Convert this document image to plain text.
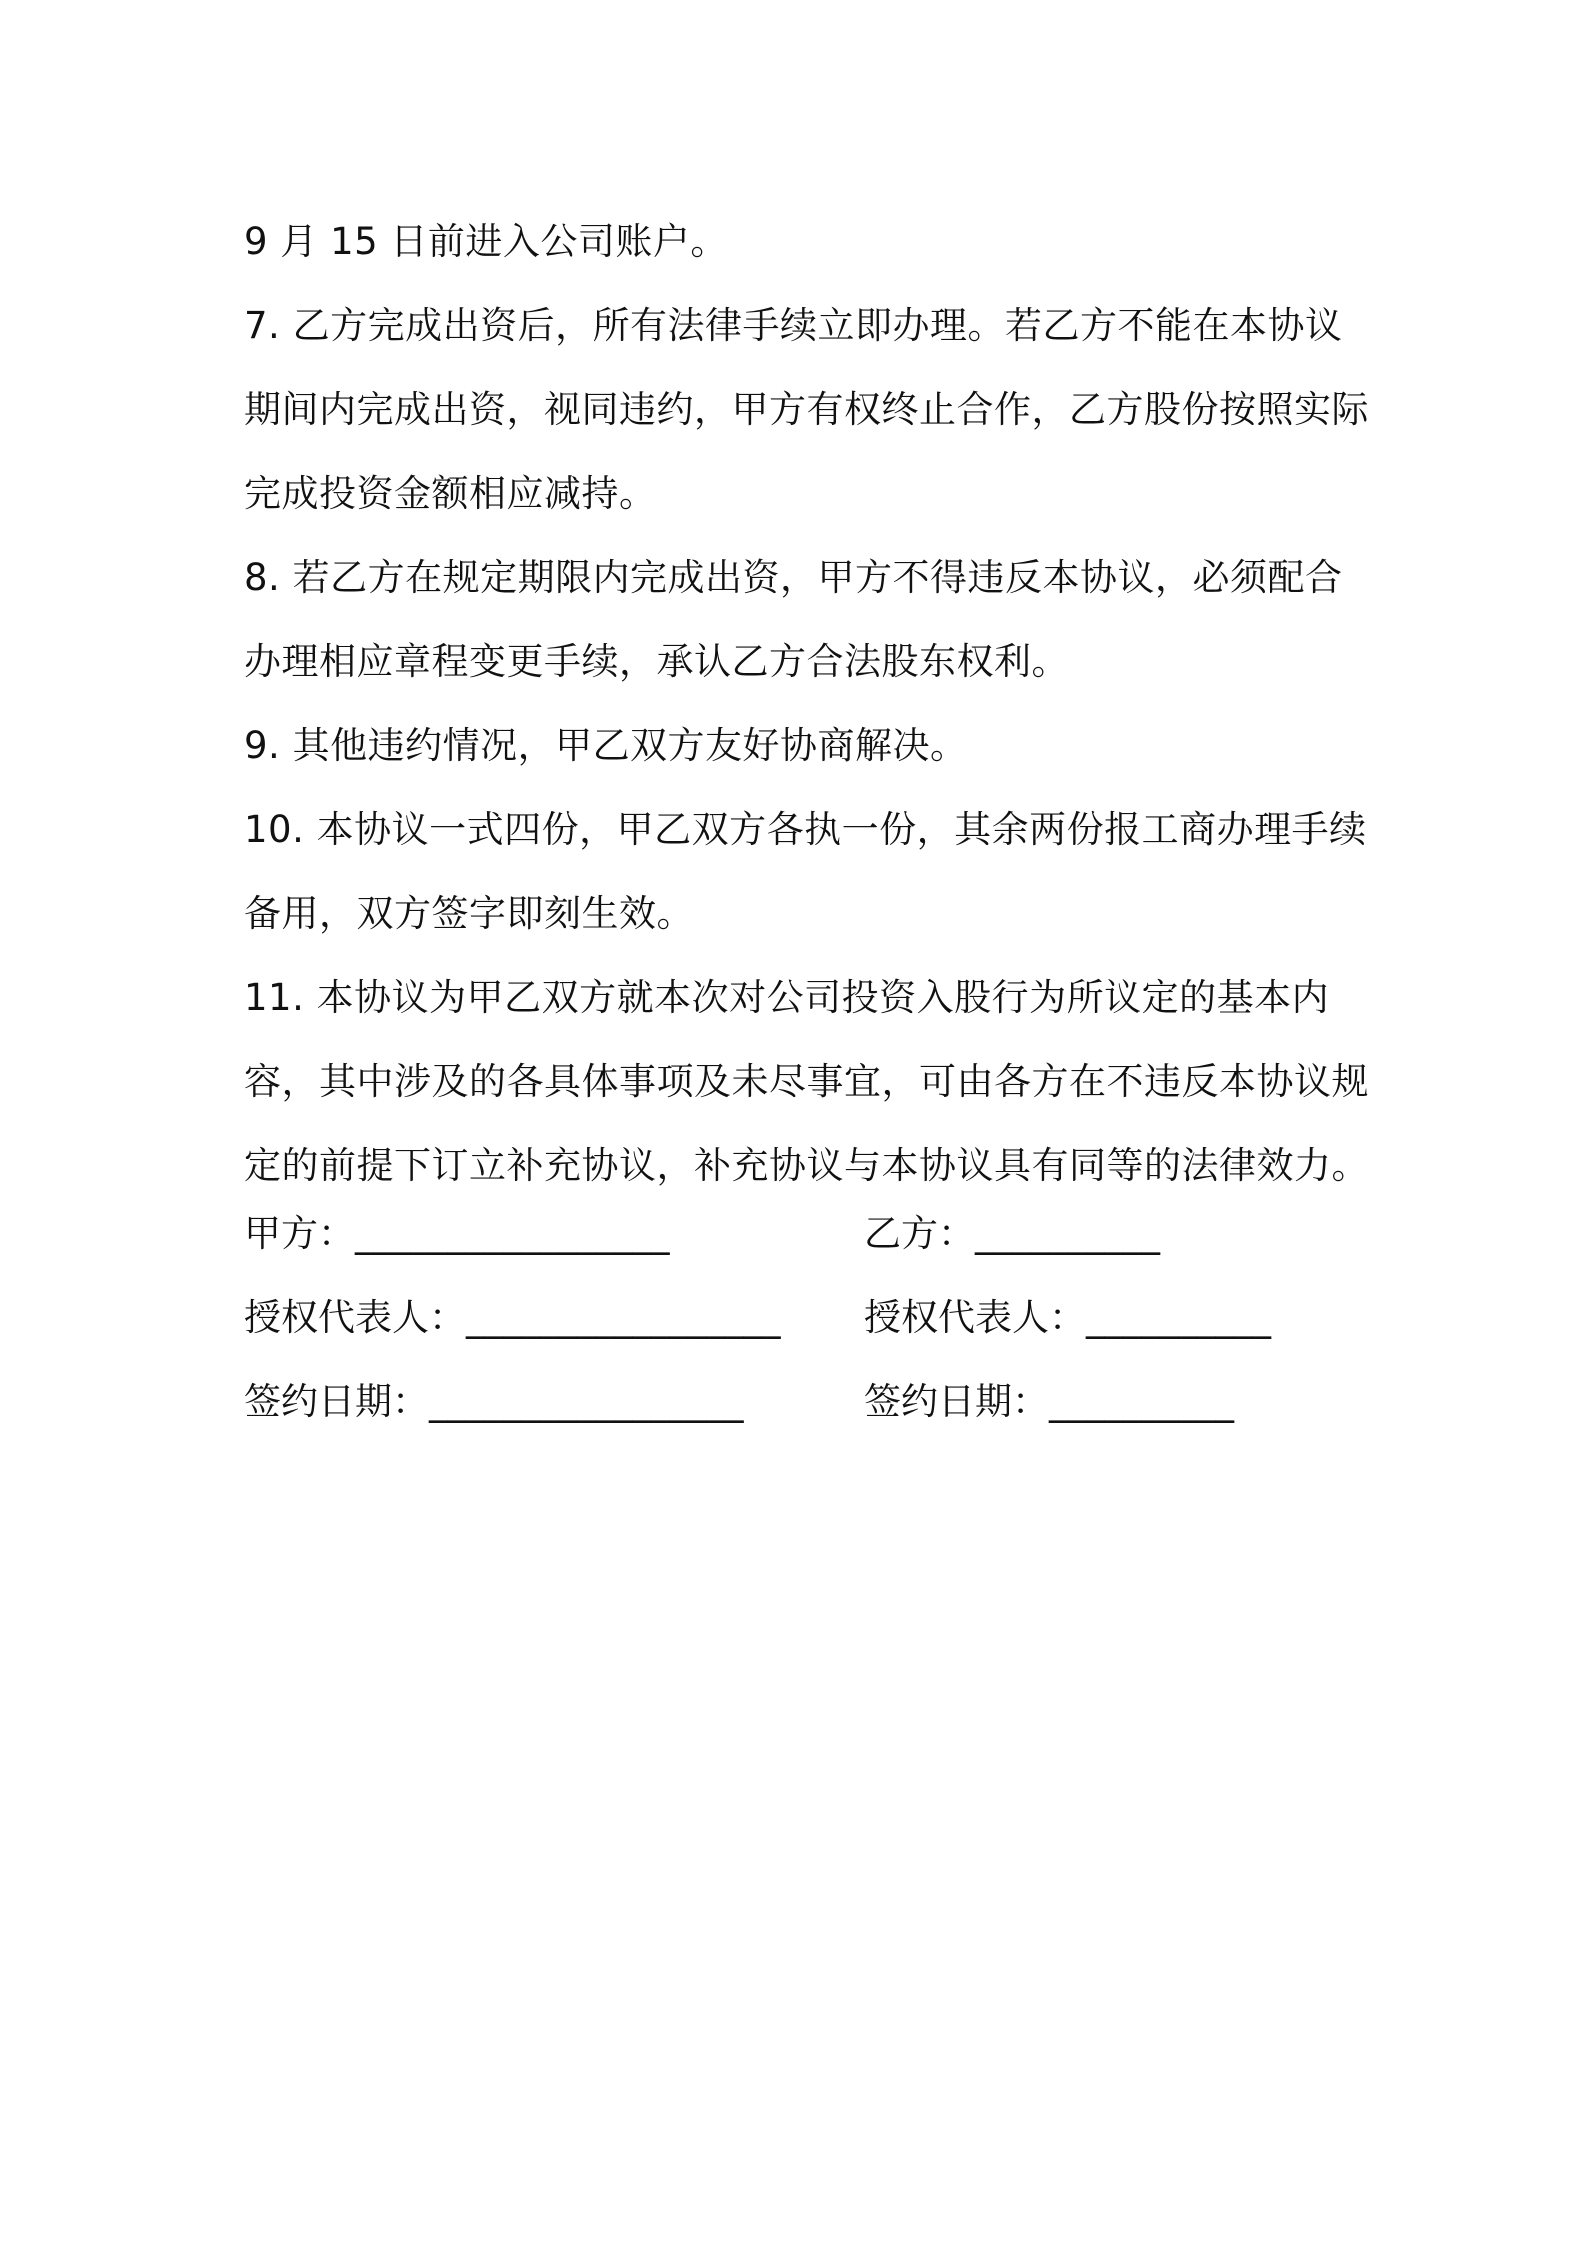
9 月 15 日前进入公司账户。
7. 乙方完成出资后，所有法律手续立即办理。若乙方不能在本协议
期间内完成出资，视同违约，甲方有权终止合作，乙方股份按照实际
完成投资金额相应减持。
8. 若乙方在规定期限内完成出资，甲方不得违反本协议，必须配合
办理相应章程变更手续，承认乙方合法股东权利。
9. 其他违约情况，甲乙双方友好协商解决。
10. 本协议一式四份，甲乙双方各执一份，其余两份报工商办理手续
备用，双方签字即刻生效。
11. 本协议为甲乙双方就本次对公司投资入股行为所议定的基本内
容，其中涉及的各具体事项及未尽事宜，可由各方在不违反本协议规
定的前提下订立补充协议，补充协议与本协议具有同等的法律效力。
甲方：_________________	乙方：__________
授权代表人：_________________ 授权代表人：__________
签约日期：_________________	签约日期：__________
